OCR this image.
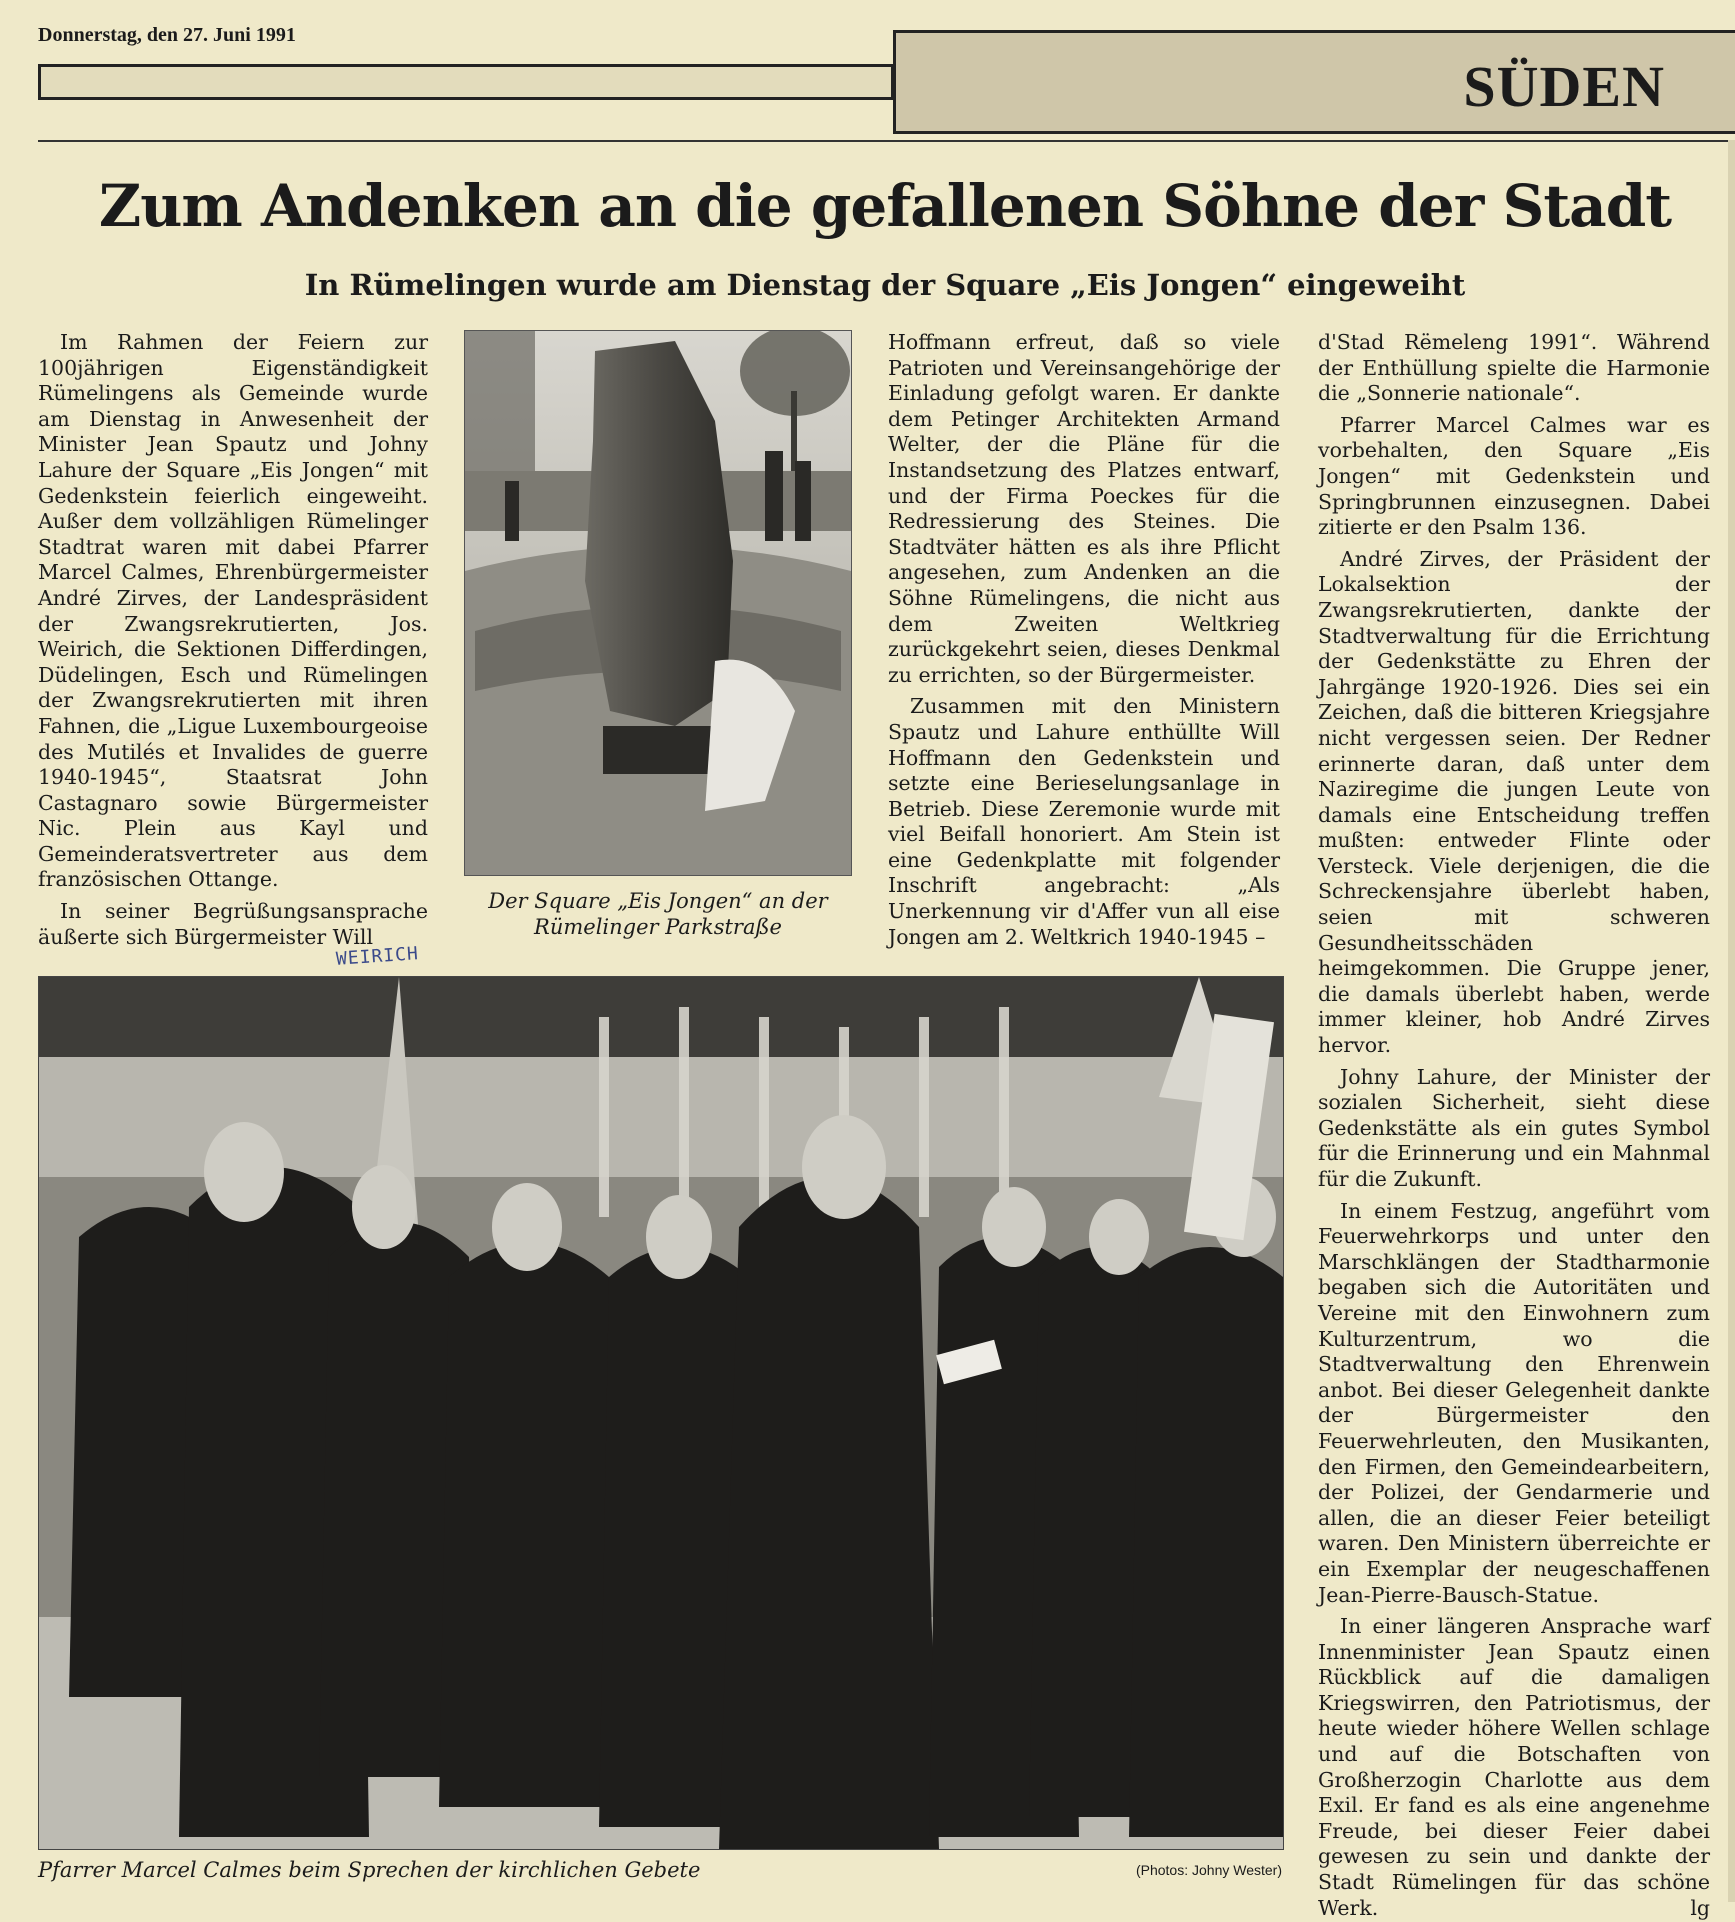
Donnerstag, den 27. Juni 1991
SÜDEN
Zum Andenken an die gefallenen Söhne der Stadt
In Rümelingen wurde am Dienstag der Square „Eis Jongen“ eingeweiht

Im Rahmen der Feiern zur 100jährigen Eigenständigkeit Rümelingens als Gemeinde wurde am Dienstag in Anwesenheit der Minister Jean Spautz und Johny Lahure der Square „Eis Jongen“ mit Gedenkstein feierlich eingeweiht. Außer dem vollzähligen Rümelinger Stadtrat waren mit dabei Pfarrer Marcel Calmes, Ehrenbürgermeister André Zirves, der Landespräsident der Zwangsrekrutierten, Jos. Weirich, die Sektionen Differdingen, Düdelingen, Esch und Rümelingen der Zwangsrekrutierten mit ihren Fahnen, die „Ligue Luxembourgeoise des Mutilés et Invalides de guerre 1940-1945“, Staatsrat John Castagnaro sowie Bürgermeister Nic. Plein aus Kayl und Gemeinderatsvertreter aus dem französischen Ottange.

In seiner Begrüßungsansprache äußerte sich Bürgermeister Will

Der Square „Eis Jongen“ an der Rümelinger Parkstraße

Hoffmann erfreut, daß so viele Patrioten und Vereinsangehörige der Einladung gefolgt waren. Er dankte dem Petinger Architekten Armand Welter, der die Pläne für die Instandsetzung des Platzes entwarf, und der Firma Poeckes für die Redressierung des Steines. Die Stadtväter hätten es als ihre Pflicht angesehen, zum Andenken an die Söhne Rümelingens, die nicht aus dem Zweiten Weltkrieg zurückgekehrt seien, dieses Denkmal zu errichten, so der Bürgermeister.

Zusammen mit den Ministern Spautz und Lahure enthüllte Will Hoffmann den Gedenkstein und setzte eine Berieselungsanlage in Betrieb. Diese Zeremonie wurde mit viel Beifall honoriert. Am Stein ist eine Gedenkplatte mit folgender Inschrift angebracht: „Als Unerkennung vir d'Affer vun all eise Jongen am 2. Weltkrich 1940-1945 –

d'Stad Rëmeleng 1991“. Während der Enthüllung spielte die Harmonie die „Sonnerie nationale“.

Pfarrer Marcel Calmes war es vorbehalten, den Square „Eis Jongen“ mit Gedenkstein und Springbrunnen einzusegnen. Dabei zitierte er den Psalm 136.

André Zirves, der Präsident der Lokalsektion der Zwangsrekrutierten, dankte der Stadtverwaltung für die Errichtung der Gedenkstätte zu Ehren der Jahrgänge 1920-1926. Dies sei ein Zeichen, daß die bitteren Kriegsjahre nicht vergessen seien. Der Redner erinnerte daran, daß unter dem Naziregime die jungen Leute von damals eine Entscheidung treffen mußten: entweder Flinte oder Versteck. Viele derjenigen, die die Schreckensjahre überlebt haben, seien mit schweren Gesundheitsschäden heimgekommen. Die Gruppe jener, die damals überlebt haben, werde immer kleiner, hob André Zirves hervor.

Johny Lahure, der Minister der sozialen Sicherheit, sieht diese Gedenkstätte als ein gutes Symbol für die Erinnerung und ein Mahnmal für die Zukunft.

In einem Festzug, angeführt vom Feuerwehrkorps und unter den Marschklängen der Stadtharmonie begaben sich die Autoritäten und Vereine mit den Einwohnern zum Kulturzentrum, wo die Stadtverwaltung den Ehrenwein anbot. Bei dieser Gelegenheit dankte der Bürgermeister den Feuerwehrleuten, den Musikanten, den Firmen, den Gemeindearbeitern, der Polizei, der Gendarmerie und allen, die an dieser Feier beteiligt waren. Den Ministern überreichte er ein Exemplar der neugeschaffenen Jean-Pierre-Bausch-Statue.

In einer längeren Ansprache warf Innenminister Jean Spautz einen Rückblick auf die damaligen Kriegswirren, den Patriotismus, der heute wieder höhere Wellen schlage und auf die Botschaften von Großherzogin Charlotte aus dem Exil. Er fand es als eine angenehme Freude, bei dieser Feier dabei gewesen zu sein und dankte der Stadt Rümelingen für das schöne Werk.	lg
WEIRICH
Pfarrer Marcel Calmes beim Sprechen der kirchlichen Gebete	(Photos: Johny Wester)
